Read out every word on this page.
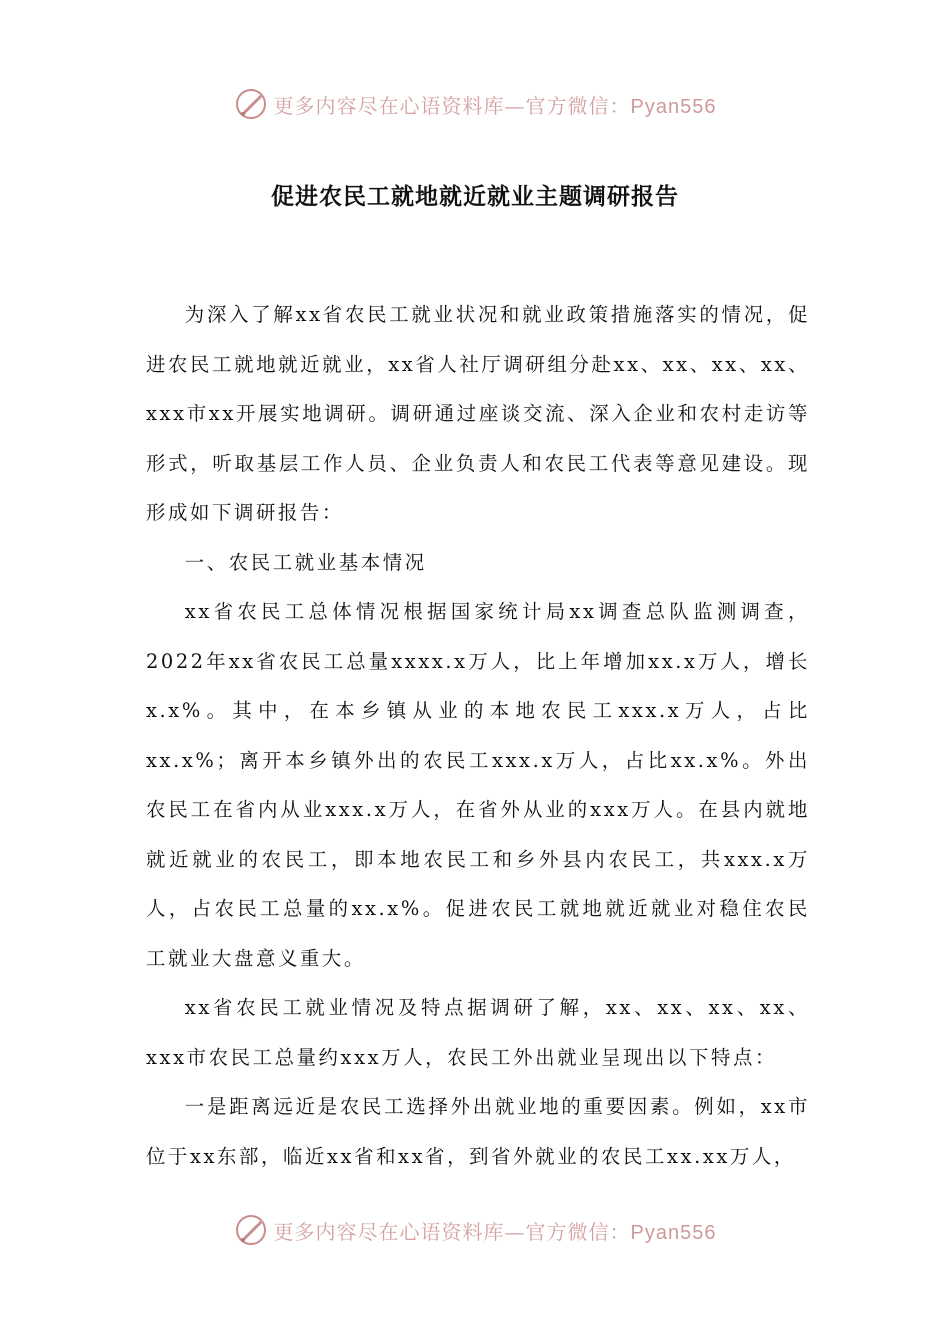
更多内容尽在心语资料库—官方微信：Pyan556
促进农民工就地就近就业主题调研报告

为深入了解xx省农民工就业状况和就业政策措施落实的情况，促进农民工就地就近就业，xx省人社厅调研组分赴xx、xx、xx、xx、xxx市xx开展实地调研。调研通过座谈交流、深入企业和农村走访等形式，听取基层工作人员、企业负责人和农民工代表等意见建设。现形成如下调研报告：

一、农民工就业基本情况

xx省农民工总体情况根据国家统计局xx调查总队监测调查，2022年xx省农民工总量xxxx.x万人，比上年增加xx.x万人，增长x.x%。其中，在本乡镇从业的本地农民工xxx.x万人，占比xx.x%；离开本乡镇外出的农民工xxx.x万人，占比xx.x%。外出农民工在省内从业xxx.x万人，在省外从业的xxx万人。在县内就地就近就业的农民工，即本地农民工和乡外县内农民工，共xxx.x万人，占农民工总量的xx.x%。促进农民工就地就近就业对稳住农民工就业大盘意义重大。

xx省农民工就业情况及特点据调研了解，xx、xx、xx、xx、xxx市农民工总量约xxx万人，农民工外出就业呈现出以下特点：

一是距离远近是农民工选择外出就业地的重要因素。例如，xx市位于xx东部，临近xx省和xx省，到省外就业的农民工xx.xx万人，

更多内容尽在心语资料库—官方微信：Pyan556
